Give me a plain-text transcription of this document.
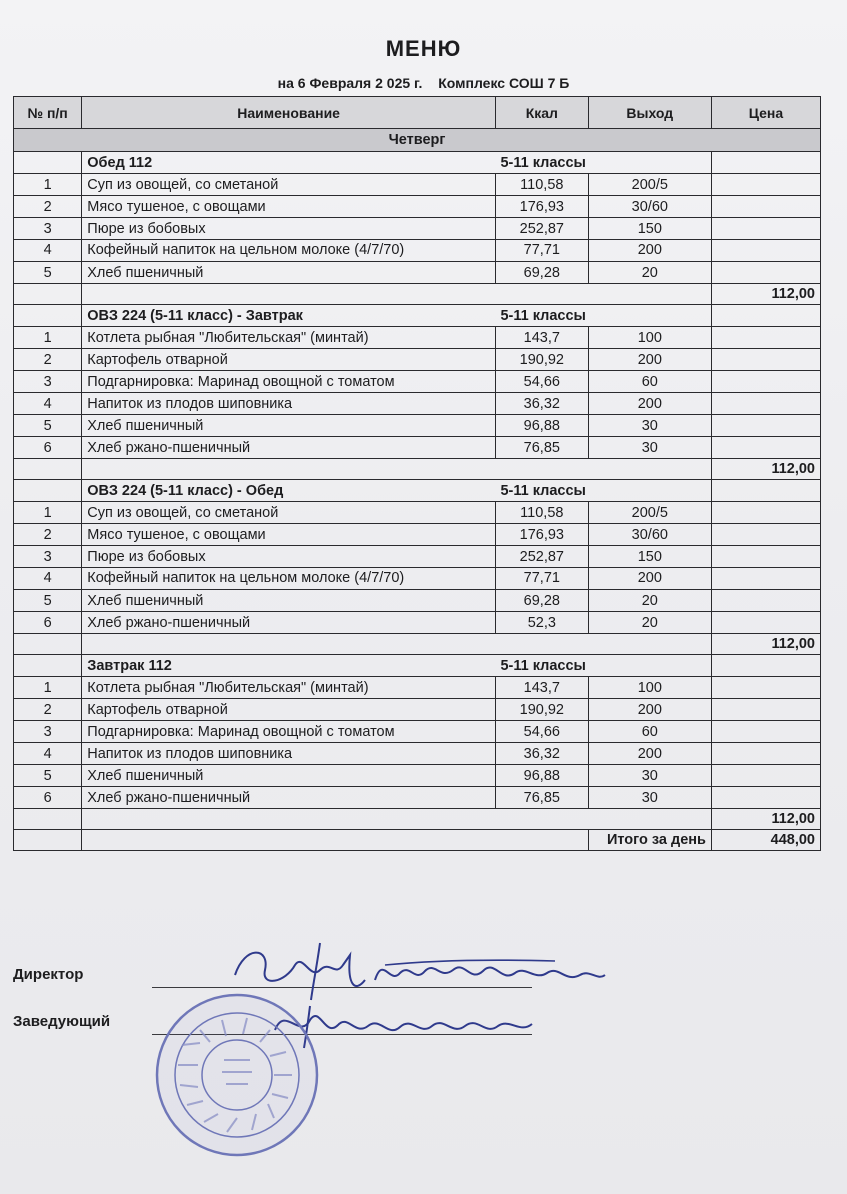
МЕНЮ
на 6 Февраля 2 025 г. Комплекс СОШ 7 Б
№ п/п	Наименование	Ккал	Выход	Цена
Четверг				
	Обед 112	5-11 классы		
1	Суп из овощей, со сметаной	110,58	200/5	
2	Мясо тушеное, с овощами	176,93	30/60	
3	Пюре из бобовых	252,87	150	
4	Кофейный напиток на цельном молоке (4/7/70)	77,71	200	
5	Хлеб пшеничный	69,28	20	
				112,00
	ОВЗ 224 (5-11 класс) - Завтрак	5-11 классы		
1	Котлета рыбная "Любительская" (минтай)	143,7	100	
2	Картофель отварной	190,92	200	
3	Подгарнировка: Маринад овощной с томатом	54,66	60	
4	Напиток из плодов шиповника	36,32	200	
5	Хлеб пшеничный	96,88	30	
6	Хлеб ржано-пшеничный	76,85	30	
				112,00
	ОВЗ 224 (5-11 класс) - Обед	5-11 классы		
1	Суп из овощей, со сметаной	110,58	200/5	
2	Мясо тушеное, с овощами	176,93	30/60	
3	Пюре из бобовых	252,87	150	
4	Кофейный напиток на цельном молоке (4/7/70)	77,71	200	
5	Хлеб пшеничный	69,28	20	
6	Хлеб ржано-пшеничный	52,3	20	
				112,00
	Завтрак 112	5-11 классы		
1	Котлета рыбная "Любительская" (минтай)	143,7	100	
2	Картофель отварной	190,92	200	
3	Подгарнировка: Маринад овощной с томатом	54,66	60	
4	Напиток из плодов шиповника	36,32	200	
5	Хлеб пшеничный	96,88	30	
6	Хлеб ржано-пшеничный	76,85	30	
				112,00
			Итого за день	448,00
Директор
Заведующий
